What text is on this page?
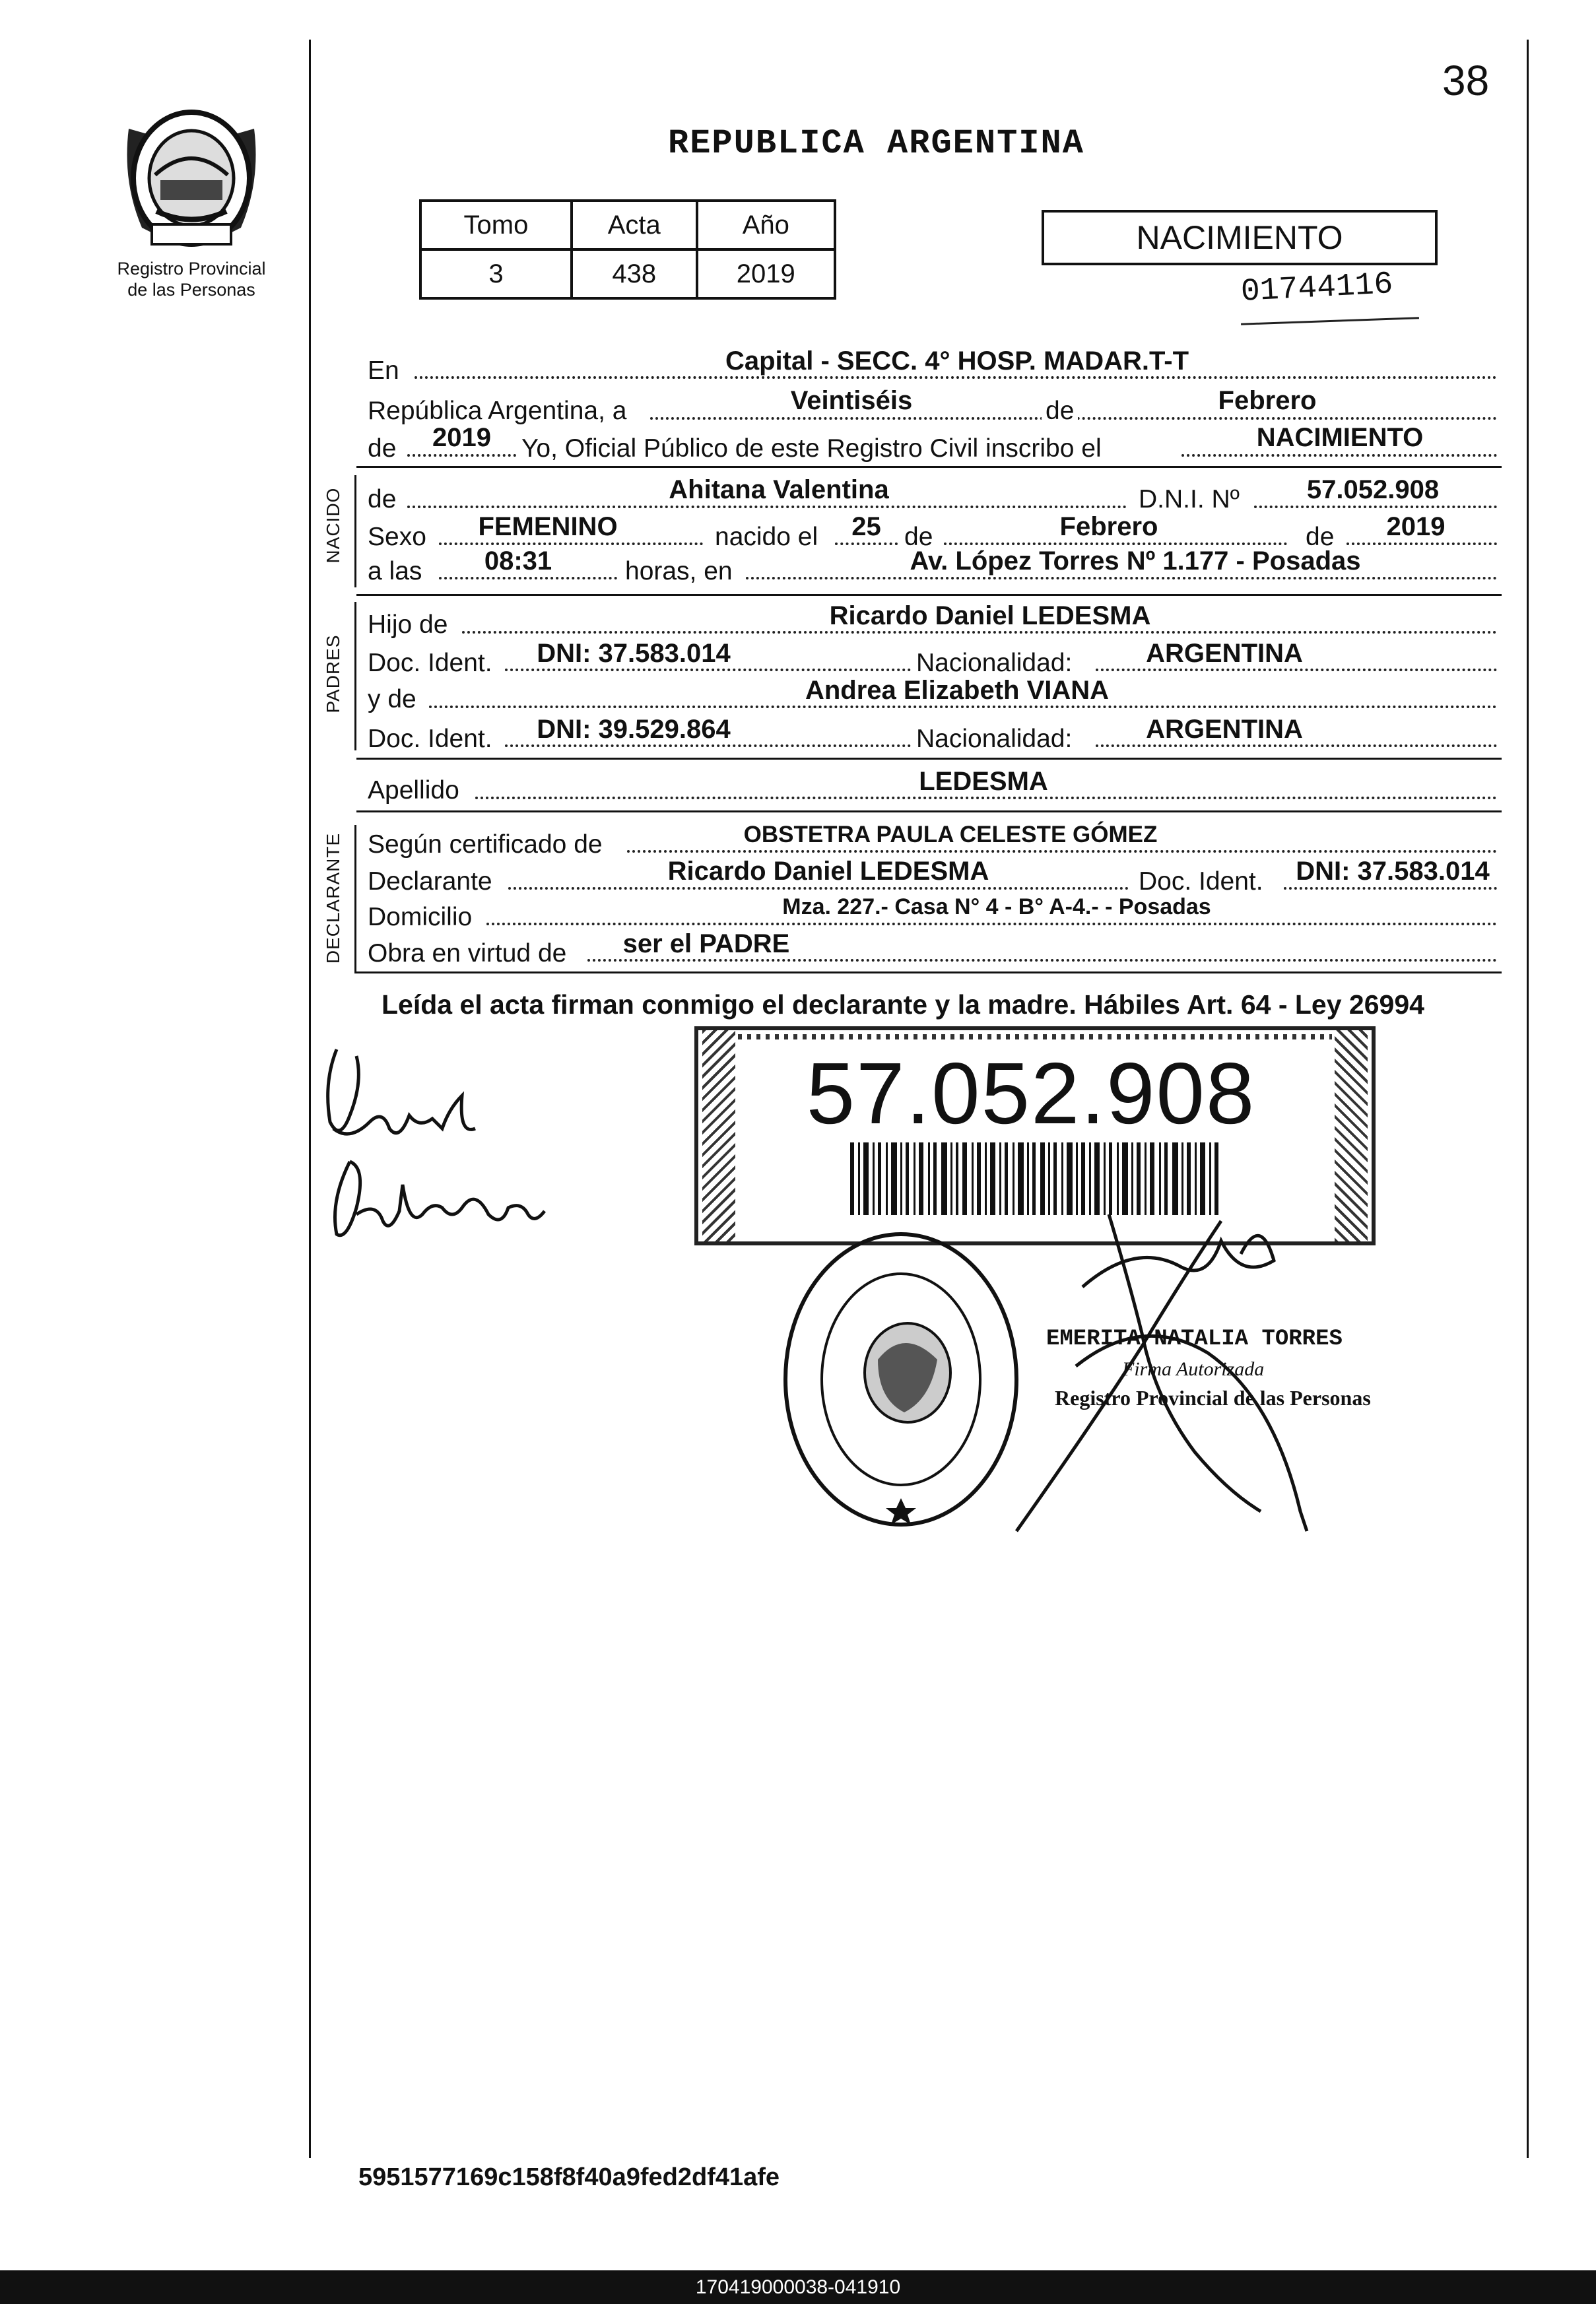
38
Registro Provincial
de las Personas
REPUBLICA ARGENTINA
Tomo	Acta	Año
3	438	2019
NACIMIENTO
01744116
En	Capital - SECC. 4° HOSP. MADAR.T-T
República Argentina, a	Veintiséis	de	Febrero
de	2019	Yo, Oficial Público de este Registro Civil inscribo el	NACIMIENTO
NACIDO de	Ahitana Valentina	D.N.I. Nº	57.052.908
Sexo	FEMENINO	nacido el	25 de	Febrero	de	2019
a las	08:31	horas, en	Av. López Torres Nº 1.177 - Posadas
PADRES
Hijo de	Ricardo Daniel LEDESMA
Doc. Ident.	DNI: 37.583.014	Nacionalidad:	ARGENTINA
y de	Andrea Elizabeth VIANA
Doc. Ident.	DNI: 39.529.864	Nacionalidad:	ARGENTINA
Apellido	LEDESMA
DECLARANTE Según certificado de	OBSTETRA PAULA CELESTE GÓMEZ
Declarante	Ricardo Daniel LEDESMA	Doc. Ident.	DNI: 37.583.014
Domicilio	Mza. 227.- Casa N° 4 - B° A-4.- - Posadas
Obra en virtud de	ser el PADRE
Leída el acta firman conmigo el declarante y la madre. Hábiles Art. 64 - Ley 26994
57.052.908
EMERITA NATALIA TORRES
Firma Autorizada
Registro Provincial de las Personas
5951577169c158f8f40a9fed2df41afe
170419000038-041910
